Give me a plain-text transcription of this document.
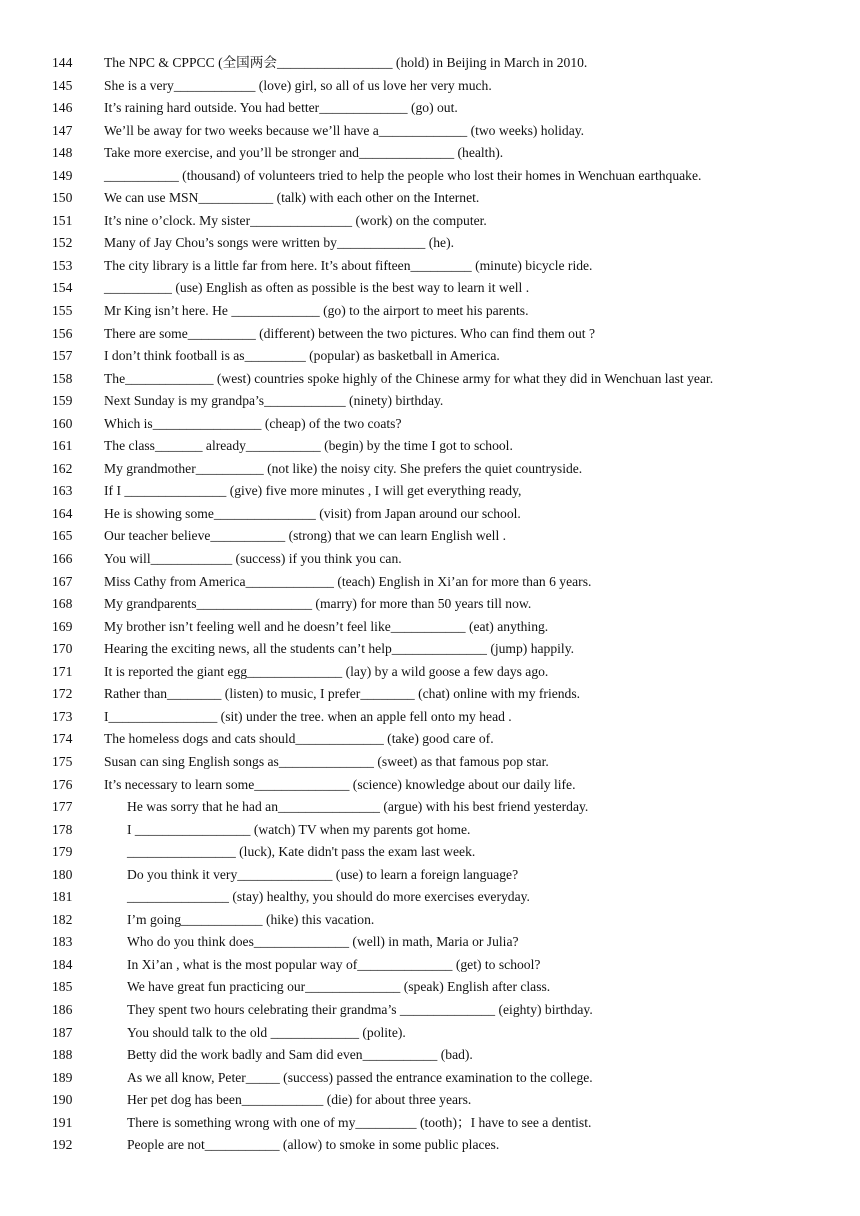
144 The NPC & CPPCC (全国两会_________________ (hold) in Beijing in March in 2010.
145 She is a very____________ (love) girl, so all of us love her very much.
146 It’s raining hard outside. You had better_____________ (go) out.
147 We’ll be away for two weeks because we’ll have a_____________ (two weeks) holiday.
148 Take more exercise, and you’ll be stronger and______________ (health).
149 ___________ (thousand) of volunteers tried to help the people who lost their homes in Wenchuan earthquake.
150 We can use MSN___________ (talk) with each other on the Internet.
151 It’s nine o’clock. My sister_______________ (work) on the computer.
152 Many of Jay Chou’s songs were written by_____________ (he).
153 The city library is a little far from here. It’s about fifteen_________ (minute) bicycle ride.
154 __________ (use) English as often as possible is the best way to learn it well .
155 Mr King isn’t here. He _____________ (go) to the airport to meet his parents.
156 There are some__________ (different) between the two pictures. Who can find them out ?
157 I don’t think football is as_________ (popular) as basketball in America.
158 The_____________ (west) countries spoke highly of the Chinese army for what they did in Wenchuan last year.
159 Next Sunday is my grandpa’s____________ (ninety) birthday.
160 Which is________________ (cheap) of the two coats?
161 The class_______ already___________ (begin) by the time I got to school.
162 My grandmother__________ (not like) the noisy city. She prefers the quiet countryside.
163 If I _______________ (give) five more minutes , I will get everything ready,
164 He is showing some_______________ (visit) from Japan around our school.
165 Our teacher believe___________ (strong) that we can learn English well .
166 You will____________ (success) if you think you can.
167 Miss Cathy from America_____________ (teach) English in Xi’an for more than 6 years.
168 My grandparents_________________ (marry) for more than 50 years till now.
169 My brother isn’t feeling well and he doesn’t feel like___________ (eat) anything.
170 Hearing the exciting news, all the students can’t help______________ (jump) happily.
171 It is reported the giant egg______________ (lay) by a wild goose a few days ago.
172 Rather than________ (listen) to music, I prefer________ (chat) online with my friends.
173 I________________ (sit) under the tree. when an apple fell onto my head .
174 The homeless dogs and cats should_____________ (take) good care of.
175 Susan can sing English songs as______________ (sweet) as that famous pop star.
176 It’s necessary to learn some______________ (science) knowledge about our daily life.
177	He was sorry that he had an_______________ (argue) with his best friend yesterday.
178	I _________________ (watch) TV when my parents got home.
179	________________ (luck), Kate didn't pass the exam last week.
180	Do you think it very______________ (use) to learn a foreign language?
181	_______________ (stay) healthy, you should do more exercises everyday.
182	I’m going____________ (hike) this vacation.
183	Who do you think does______________ (well) in math, Maria or Julia?
184	In Xi’an , what is the most popular way of______________ (get) to school?
185	We have great fun practicing our______________ (speak) English after class.
186	They spent two hours celebrating their grandma’s ______________ (eighty) birthday.
187	You should talk to the old _____________ (polite).
188	Betty did the work badly and Sam did even___________ (bad).
189	As we all know, Peter_____ (success) passed the entrance examination to the college.
190	Her pet dog has been____________ (die) for about three years.
191	There is something wrong with one of my_________ (tooth)；I have to see a dentist.
192	People are not___________ (allow) to smoke in some public places.
